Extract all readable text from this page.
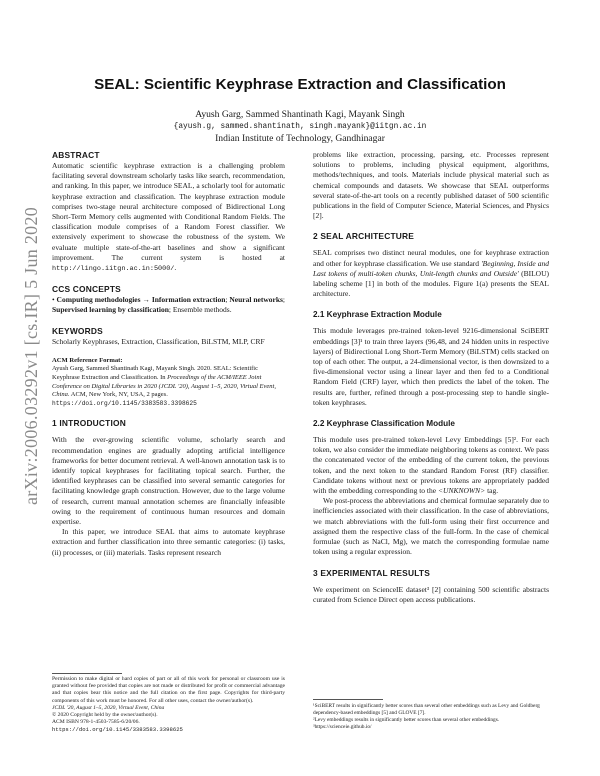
arXiv:2006.03292v1 [cs.IR] 5 Jun 2020
SEAL: Scientific Keyphrase Extraction and Classification
Ayush Garg, Sammed Shantinath Kagi, Mayank Singh
{ayush.g, sammed.shantinath, singh.mayank}@iitgn.ac.in
Indian Institute of Technology, Gandhinagar
ABSTRACT

Automatic scientific keyphrase extraction is a challenging problem facilitating several downstream scholarly tasks like search, recommendation, and ranking. In this paper, we introduce SEAL, a scholarly tool for automatic keyphrase extraction and classification. The keyphrase extraction module comprises two-stage neural architecture composed of Bidirectional Long Short-Term Memory cells augmented with Conditional Random Fields. The classification module comprises of a Random Forest classifier. We extensively experiment to showcase the robustness of the system. We evaluate multiple state-of-the-art baselines and show a significant improvement. The current system is hosted at http://lingo.iitgn.ac.in:5000/.

CCS CONCEPTS

• Computing methodologies → Information extraction; Neural networks; Supervised learning by classification; Ensemble methods.

KEYWORDS

Scholarly Keyphrases, Extraction, Classification, BiLSTM, MLP, CRF

ACM Reference Format:

Ayush Garg, Sammed Shantinath Kagi, Mayank Singh. 2020. SEAL: Scientific Keyphrase Extraction and Classification. In Proceedings of the ACM/IEEE Joint Conference on Digital Libraries in 2020 (JCDL '20), August 1–5, 2020, Virtual Event, China. ACM, New York, NY, USA, 2 pages. https://doi.org/10.1145/3383583.3398625

1 INTRODUCTION

With the ever-growing scientific volume, scholarly search and recommendation engines are gradually adopting artificial intelligence frameworks for better document retrieval. A well-known annotation task is to identify topical keyphrases for facilitating topical search. Further, the identified keyphrases can be classified into several semantic categories for facilitating knowledge graph construction. However, due to the large volume of research, current manual annotation schemes are financially infeasible owing to the requirement of continuous human resources and domain expertise.

In this paper, we introduce SEAL that aims to automate keyphrase extraction and further classification into three semantic categories: (i) tasks, (ii) processes, or (iii) materials. Tasks represent research

Permission to make digital or hard copies of part or all of this work for personal or classroom use is granted without fee provided that copies are not made or distributed for profit or commercial advantage and that copies bear this notice and the full citation on the first page. Copyrights for third-party components of this work must be honored. For all other uses, contact the owner/author(s).

JCDL '20, August 1–5, 2020, Virtual Event, China

© 2020 Copyright held by the owner/author(s).

ACM ISBN 978-1-4503-7585-6/20/06.

https://doi.org/10.1145/3383583.3398625

problems like extraction, processing, parsing, etc. Processes represent solutions to problems, including physical equipment, algorithms, methods/techniques, and tools. Materials include physical material such as chemical compounds and datasets. We showcase that SEAL outperforms several state-of-the-art tools on a recently published dataset of 500 scientific publications in the field of Computer Science, Material Sciences, and Physics [2].

2 SEAL ARCHITECTURE

SEAL comprises two distinct neural modules, one for keyphrase extraction and other for keyphrase classification. We use standard 'Beginning, Inside and Last tokens of multi-token chunks, Unit-length chunks and Outside' (BILOU) labeling scheme [1] in both of the modules. Figure 1(a) presents the SEAL architecture.

2.1 Keyphrase Extraction Module

This module leverages pre-trained token-level 9216-dimensional SciBERT embeddings [3]¹ to train three layers (96,48, and 24 hidden units in respective layers) of Bidirectional Long Short-Term Memory (BiLSTM) cells stacked on top of each other. The output, a 24-dimensional vector, is then downsized to a five-dimensional vector using a linear layer and then fed to a Conditional Random Field (CRF) layer, which then predicts the label of the token. The results are, further, refined through a post-processing step to handle single-token keyphrases.

2.2 Keyphrase Classification Module

This module uses pre-trained token-level Levy Embeddings [5]². For each token, we also consider the immediate neighboring tokens as context. We pass the concatenated vector of the embedding of the current token, the previous token, and the next token to the standard Random Forest (RF) classifier. Candidate tokens without next or previous tokens are appropriately padded with the embedding corresponding to the <UNKNOWN> tag.

We post-process the abbreviations and chemical formulae separately due to inefficiencies associated with their classification. In the case of abbreviations, we match abbreviations with the full-form using their first occurrence and assigned them the respective class of the full-form. In the case of chemical formulae (such as NaCl, Mg), we match the corresponding formulae name token using a regular expression.

3 EXPERIMENTAL RESULTS

We experiment on ScienceIE dataset³ [2] containing 500 scientific abstracts curated from Science Direct open access publications.

¹SciBERT results in significantly better scores than several other embeddings such as Levy and Goldberg dependency-based embeddings [5] and GLOVE [7].

²Levy embeddings results in significantly better scores than several other embeddings.

³https://scienceie.github.io/
